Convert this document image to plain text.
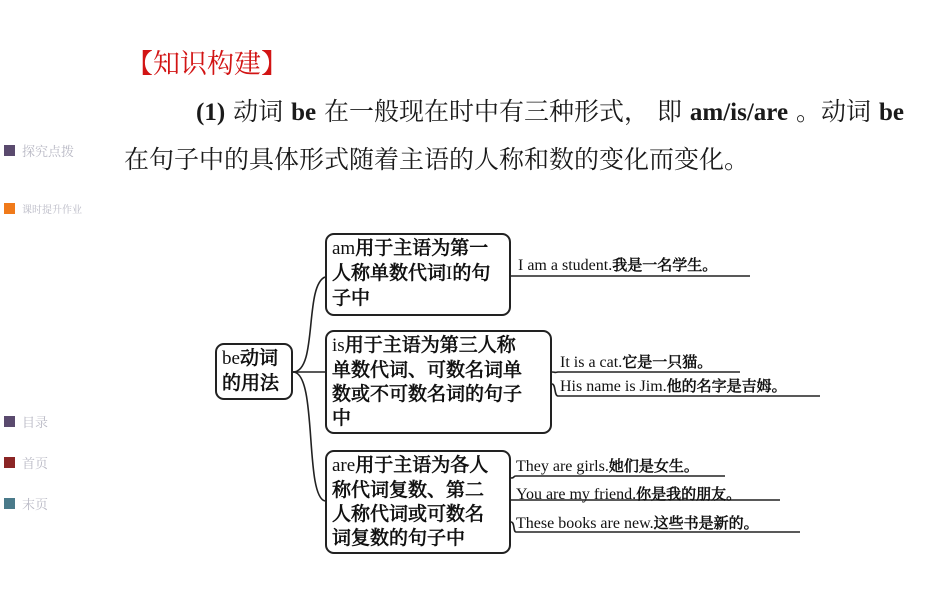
探究点拨
课时提升作业
目录
首页
末页
【知识构建】
(1) 动词 be 在一般现在时中有三种形式， 即 am/is/are 。动词 be 在句子中的具体形式随着主语的人称和数的变化而变化。
be动词
的用法
am用于主语为第一
人称单数代词I的句
子中
is用于主语为第三人称
单数代词、可数名词单
数或不可数名词的句子
中
are用于主语为各人
称代词复数、第二
人称代词或可数名
词复数的句子中
I am a student.我是一名学生。
It is a cat.它是一只猫。
His name is Jim.他的名字是吉姆。
They are girls.她们是女生。
You are my friend.你是我的朋友。
These books are new.这些书是新的。
